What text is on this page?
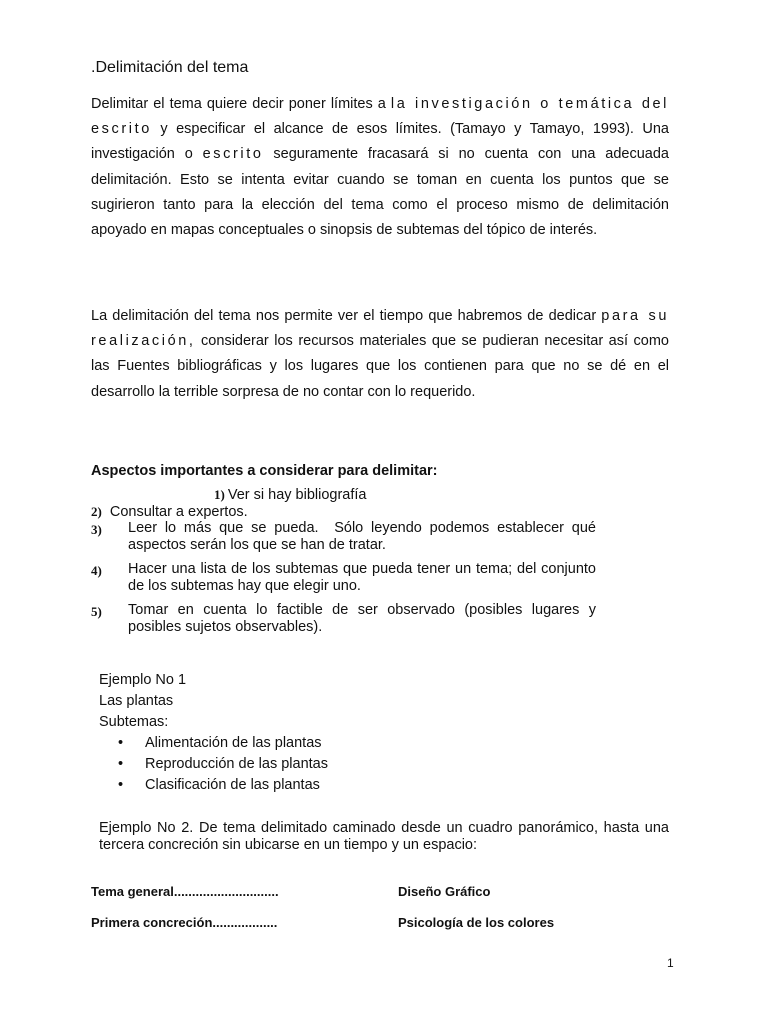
.Delimitación del tema

Delimitar el tema quiere decir poner límites a la investigación o temática del escrito y especificar el alcance de esos límites. (Tamayo y Tamayo, 1993). Una investigación o escrito seguramente fracasará si no cuenta con una adecuada delimitación. Esto se intenta evitar cuando se toman en cuenta los puntos que se sugirieron tanto para la elección del tema como el proceso mismo de delimitación apoyado en mapas conceptuales o sinopsis de subtemas del tópico de interés.

La delimitación del tema nos permite ver el tiempo que habremos de dedicar para su realización, considerar los recursos materiales que se pudieran necesitar así como las Fuentes bibliográficas y los lugares que los contienen para que no se dé en el desarrollo la terrible sorpresa de no contar con lo requerido.

Aspectos importantes a considerar para delimitar:

1) Ver si hay bibliografía
2) Consultar a expertos.
3) Leer lo más que se pueda.  Sólo leyendo podemos establecer qué     aspectos serán los que se han de tratar.
4) Hacer una lista de los subtemas que pueda tener un tema; del conjunto de los subtemas hay que elegir uno.
5) Tomar en cuenta lo factible de ser observado (posibles lugares y posibles sujetos observables).
Ejemplo No 1
Las plantas
Subtemas:
• Alimentación de las plantas
• Reproducción de las plantas
• Clasificación de las plantas

Ejemplo No 2. De tema delimitado caminado desde un cuadro panorámico, hasta una tercera concreción sin ubicarse en un tiempo y un espacio:

Tema general.............................	Diseño Gráfico
Primera concreción..................	Psicología de los colores
1
